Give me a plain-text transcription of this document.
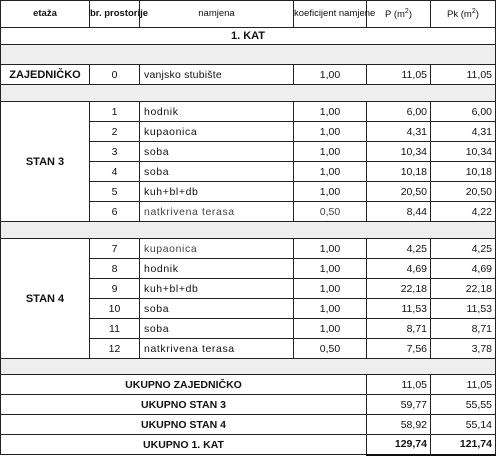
etaža	br. prostorije	namjena	koeficijent namjene	P $(m^2)$	Pk $(m^2)$
1. KAT					

ZAJEDNIČKO	0	vanjsko stubište	1,00	11,05	11,05

STAN 3	1	hodnik	1,00	6,00	6,00
	2	kupaonica	1,00	4,31	4,31
	3	soba	1,00	10,34	10,34
	4	soba	1,00	10,18	10,18
	5	kuh+bl+db	1,00	20,50	20,50
	6	natkrivena terasa	0,50	8,44	4,22

STAN 4	7	kupaonica	1,00	4,25	4,25
	8	hodnik	1,00	4,69	4,69
	9	kuh+bl+db	1,00	22,18	22,18
	10	soba	1,00	11,53	11,53
	11	soba	1,00	8,71	8,71
	12	natkrivena terasa	0,50	7,56	3,78

UKUPNO ZAJEDNIČKO				11,05	11,05
UKUPNO STAN 3				59,77	55,55
UKUPNO STAN 4				58,92	55,14
UKUPNO 1. KAT				129,74	121,74
